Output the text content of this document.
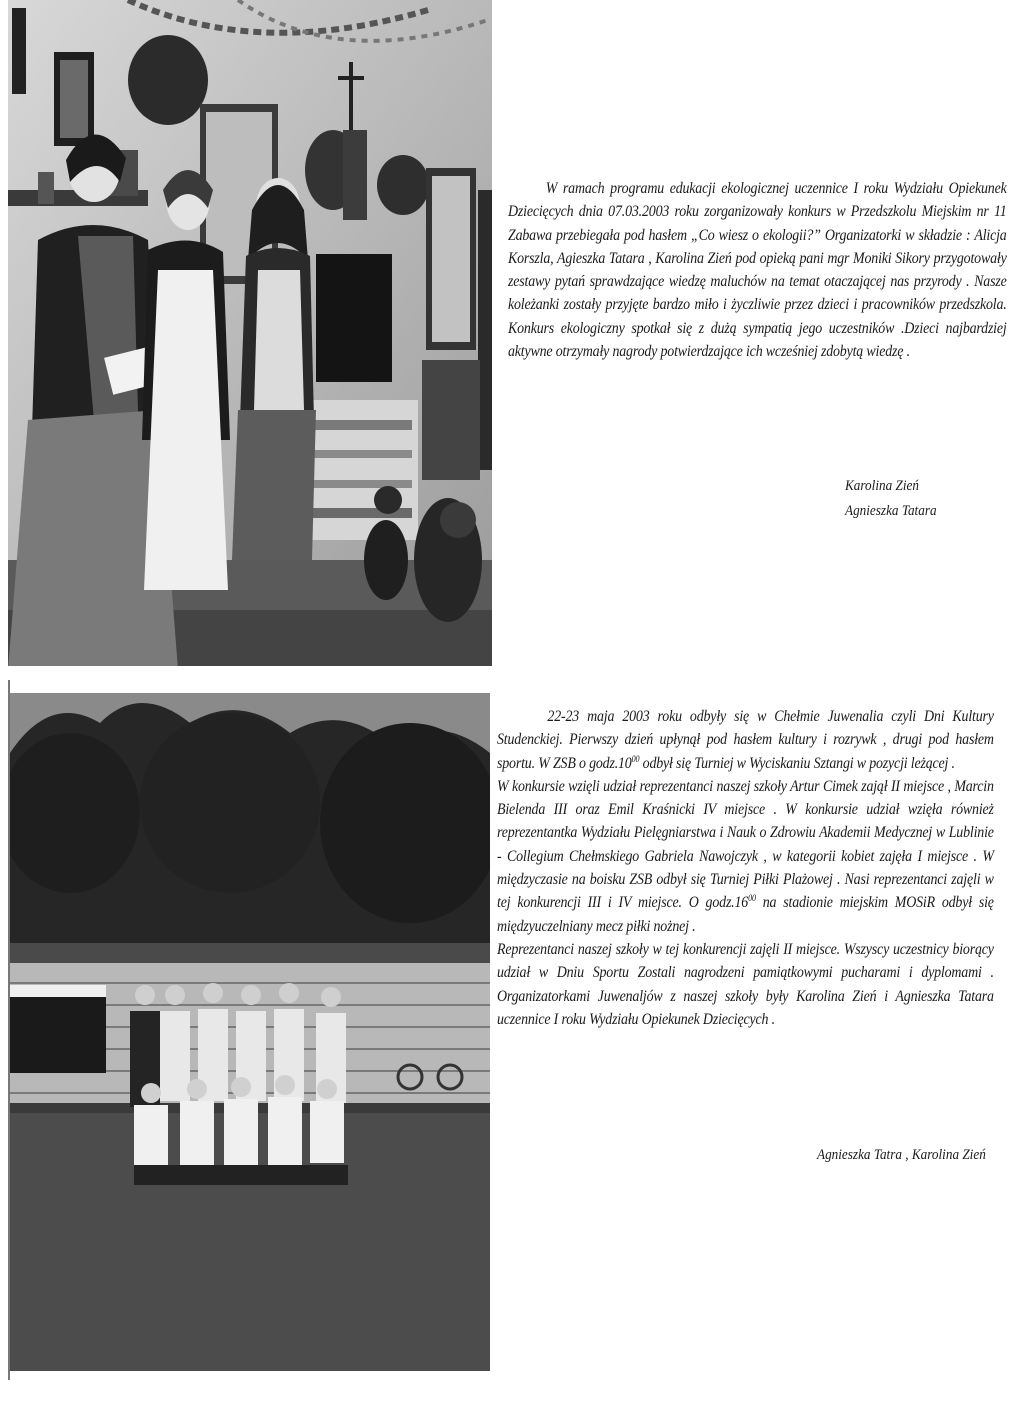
W ramach programu edukacji ekologicznej uczennice I roku Wydziału Opiekunek Dziecięcych dnia 07.03.2003 roku zorganizowały konkurs w Przedszkolu Miejskim nr 11 Zabawa przebiegała pod hasłem „Co wiesz o ekologii?” Organizatorki w składzie : Alicja Korszla, Agieszka Tatara , Karolina Zień pod opieką pani mgr Moniki Sikory przygotowały zestawy pytań sprawdzające wiedzę maluchów na temat otaczającej nas przyrody . Nasze koleżanki zostały przyjęte bardzo miło i życzliwie przez dzieci i pracowników przedszkola. Konkurs ekologiczny spotkał się z dużą sympatią jego uczestników .Dzieci najbardziej aktywne otrzymały nagrody potwierdzające ich wcześniej zdobytą wiedzę .

Karolina Zień
Agnieszka Tatara

22-23 maja 2003 roku odbyły się w Chełmie Juwenalia czyli Dni Kultury Studenckiej. Pierwszy dzień upłynął pod hasłem kultury i rozrywk , drugi pod hasłem sportu. W ZSB o $godz.10^{00}$ odbył się Turniej w Wyciskaniu Sztangi w pozycji leżącej .

W konkursie wzięli udział reprezentanci naszej szkoły Artur Cimek zajął II miejsce , Marcin Bielenda III oraz Emil Kraśnicki IV miejsce . W konkursie udział wzięła również reprezentantka Wydziału Pielęgniarstwa i Nauk o Zdrowiu Akademii Medycznej w Lublinie - Collegium Chełmskiego Gabriela Nawojczyk , w kategorii kobiet zajęła I miejsce . W międzyczasie na boisku ZSB odbył się Turniej Piłki Plażowej . Nasi reprezentanci zajęli w tej konkurencji III i IV miejsce. O $godz.16^{00}$ na stadionie miejskim MOSiR odbył się międzyuczelniany mecz piłki nożnej .

Reprezentanci naszej szkoły w tej konkurencji zajęli II miejsce. Wszyscy uczestnicy biorący udział w Dniu Sportu Zostali nagrodzeni pamiątkowymi pucharami i dyplomami . Organizatorkami Juwenaljów z naszej szkoły były Karolina Zień i Agnieszka Tatara uczennice I roku Wydziału Opiekunek Dziecięcych .

Agnieszka Tatra , Karolina Zień
